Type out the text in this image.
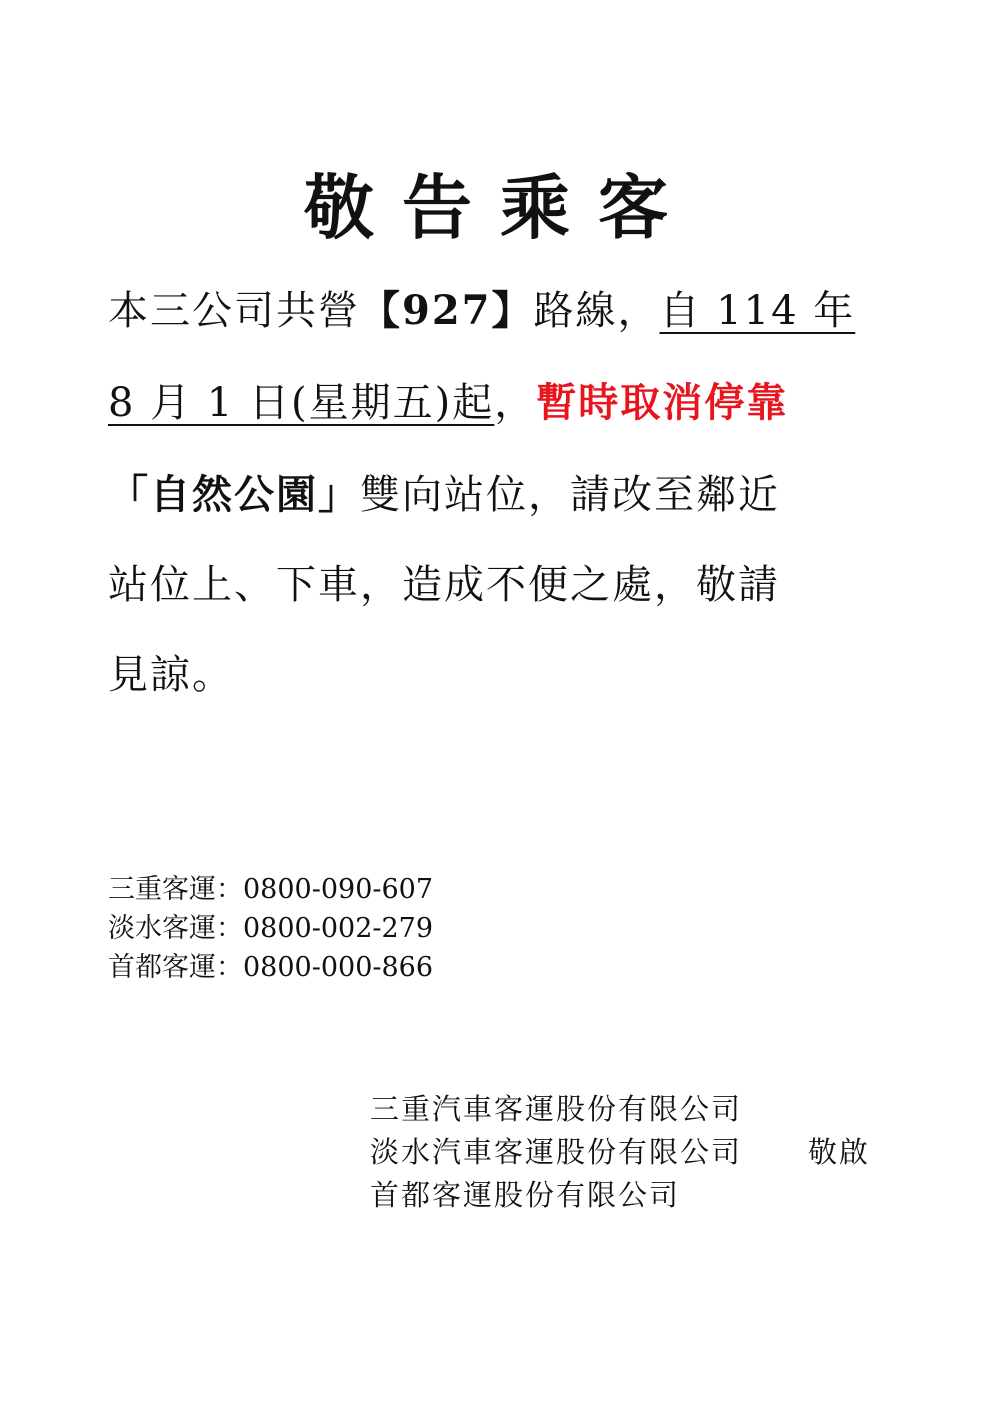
敬告乘客
本三公司共營【927】路線，自 114 年
8 月 1 日(星期五)起，暫時取消停靠
「自然公園」雙向站位，請改至鄰近
站位上、下車，造成不便之處，敬請
見諒。
三重客運：0800-090-607
淡水客運：0800-002-279
首都客運：0800-000-866
三重汽車客運股份有限公司
淡水汽車客運股份有限公司
首都客運股份有限公司
敬啟
